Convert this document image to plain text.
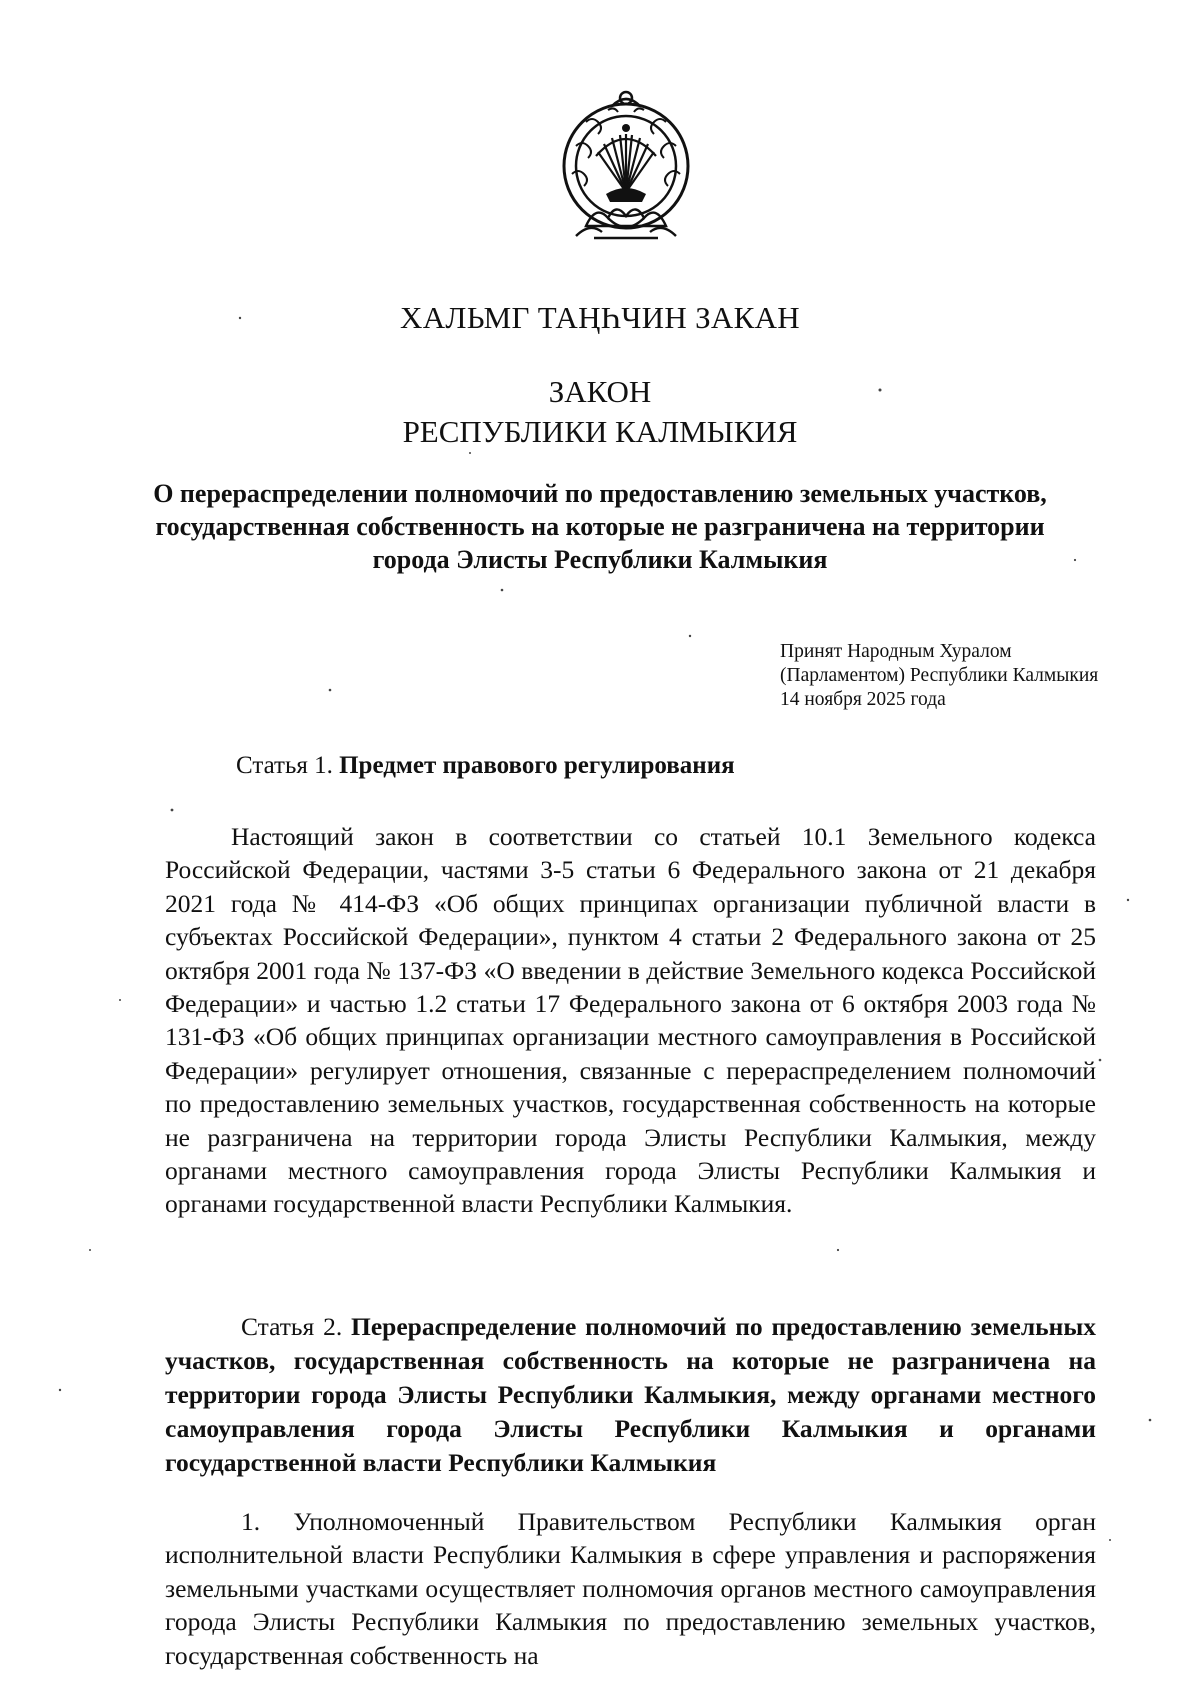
ХАЛЬМГ ТАҢҺЧИН ЗАКАН
ЗАКОН
РЕСПУБЛИКИ КАЛМЫКИЯ
О перераспределении полномочий по предоставлению земельных участков, государственная собственность на которые не разграничена на территории города Элисты Республики Калмыкия
Принят Народным Хуралом
(Парламентом) Республики Калмыкия
14 ноября 2025 года
Статья 1. Предмет правового регулирования
Настоящий закон в соответствии со статьей 10.1 Земельного кодекса Российской Федерации, частями 3-5 статьи 6 Федерального закона от 21 декабря 2021 года № 414-ФЗ «Об общих принципах организации публичной власти в субъектах Российской Федерации», пунктом 4 статьи 2 Федерального закона от 25 октября 2001 года № 137-ФЗ «О введении в действие Земельного кодекса Российской Федерации» и частью 1.2 статьи 17 Федерального закона от 6 октября 2003 года № 131-ФЗ «Об общих принципах организации местного самоуправления в Российской Федерации» регулирует отношения, связанные с перераспределением полномочий по предоставлению земельных участков, государственная собственность на которые не разграничена на территории города Элисты Республики Калмыкия, между органами местного самоуправления города Элисты Республики Калмыкия и органами государственной власти Республики Калмыкия.
Статья 2. Перераспределение полномочий по предоставлению земельных участков, государственная собственность на которые не разграничена на территории города Элисты Республики Калмыкия, между органами местного самоуправления города Элисты Республики Калмыкия и органами государственной власти Республики Калмыкия
1. Уполномоченный Правительством Республики Калмыкия орган исполнительной власти Республики Калмыкия в сфере управления и распоряжения земельными участками осуществляет полномочия органов местного самоуправления города Элисты Республики Калмыкия по предоставлению земельных участков, государственная собственность на
